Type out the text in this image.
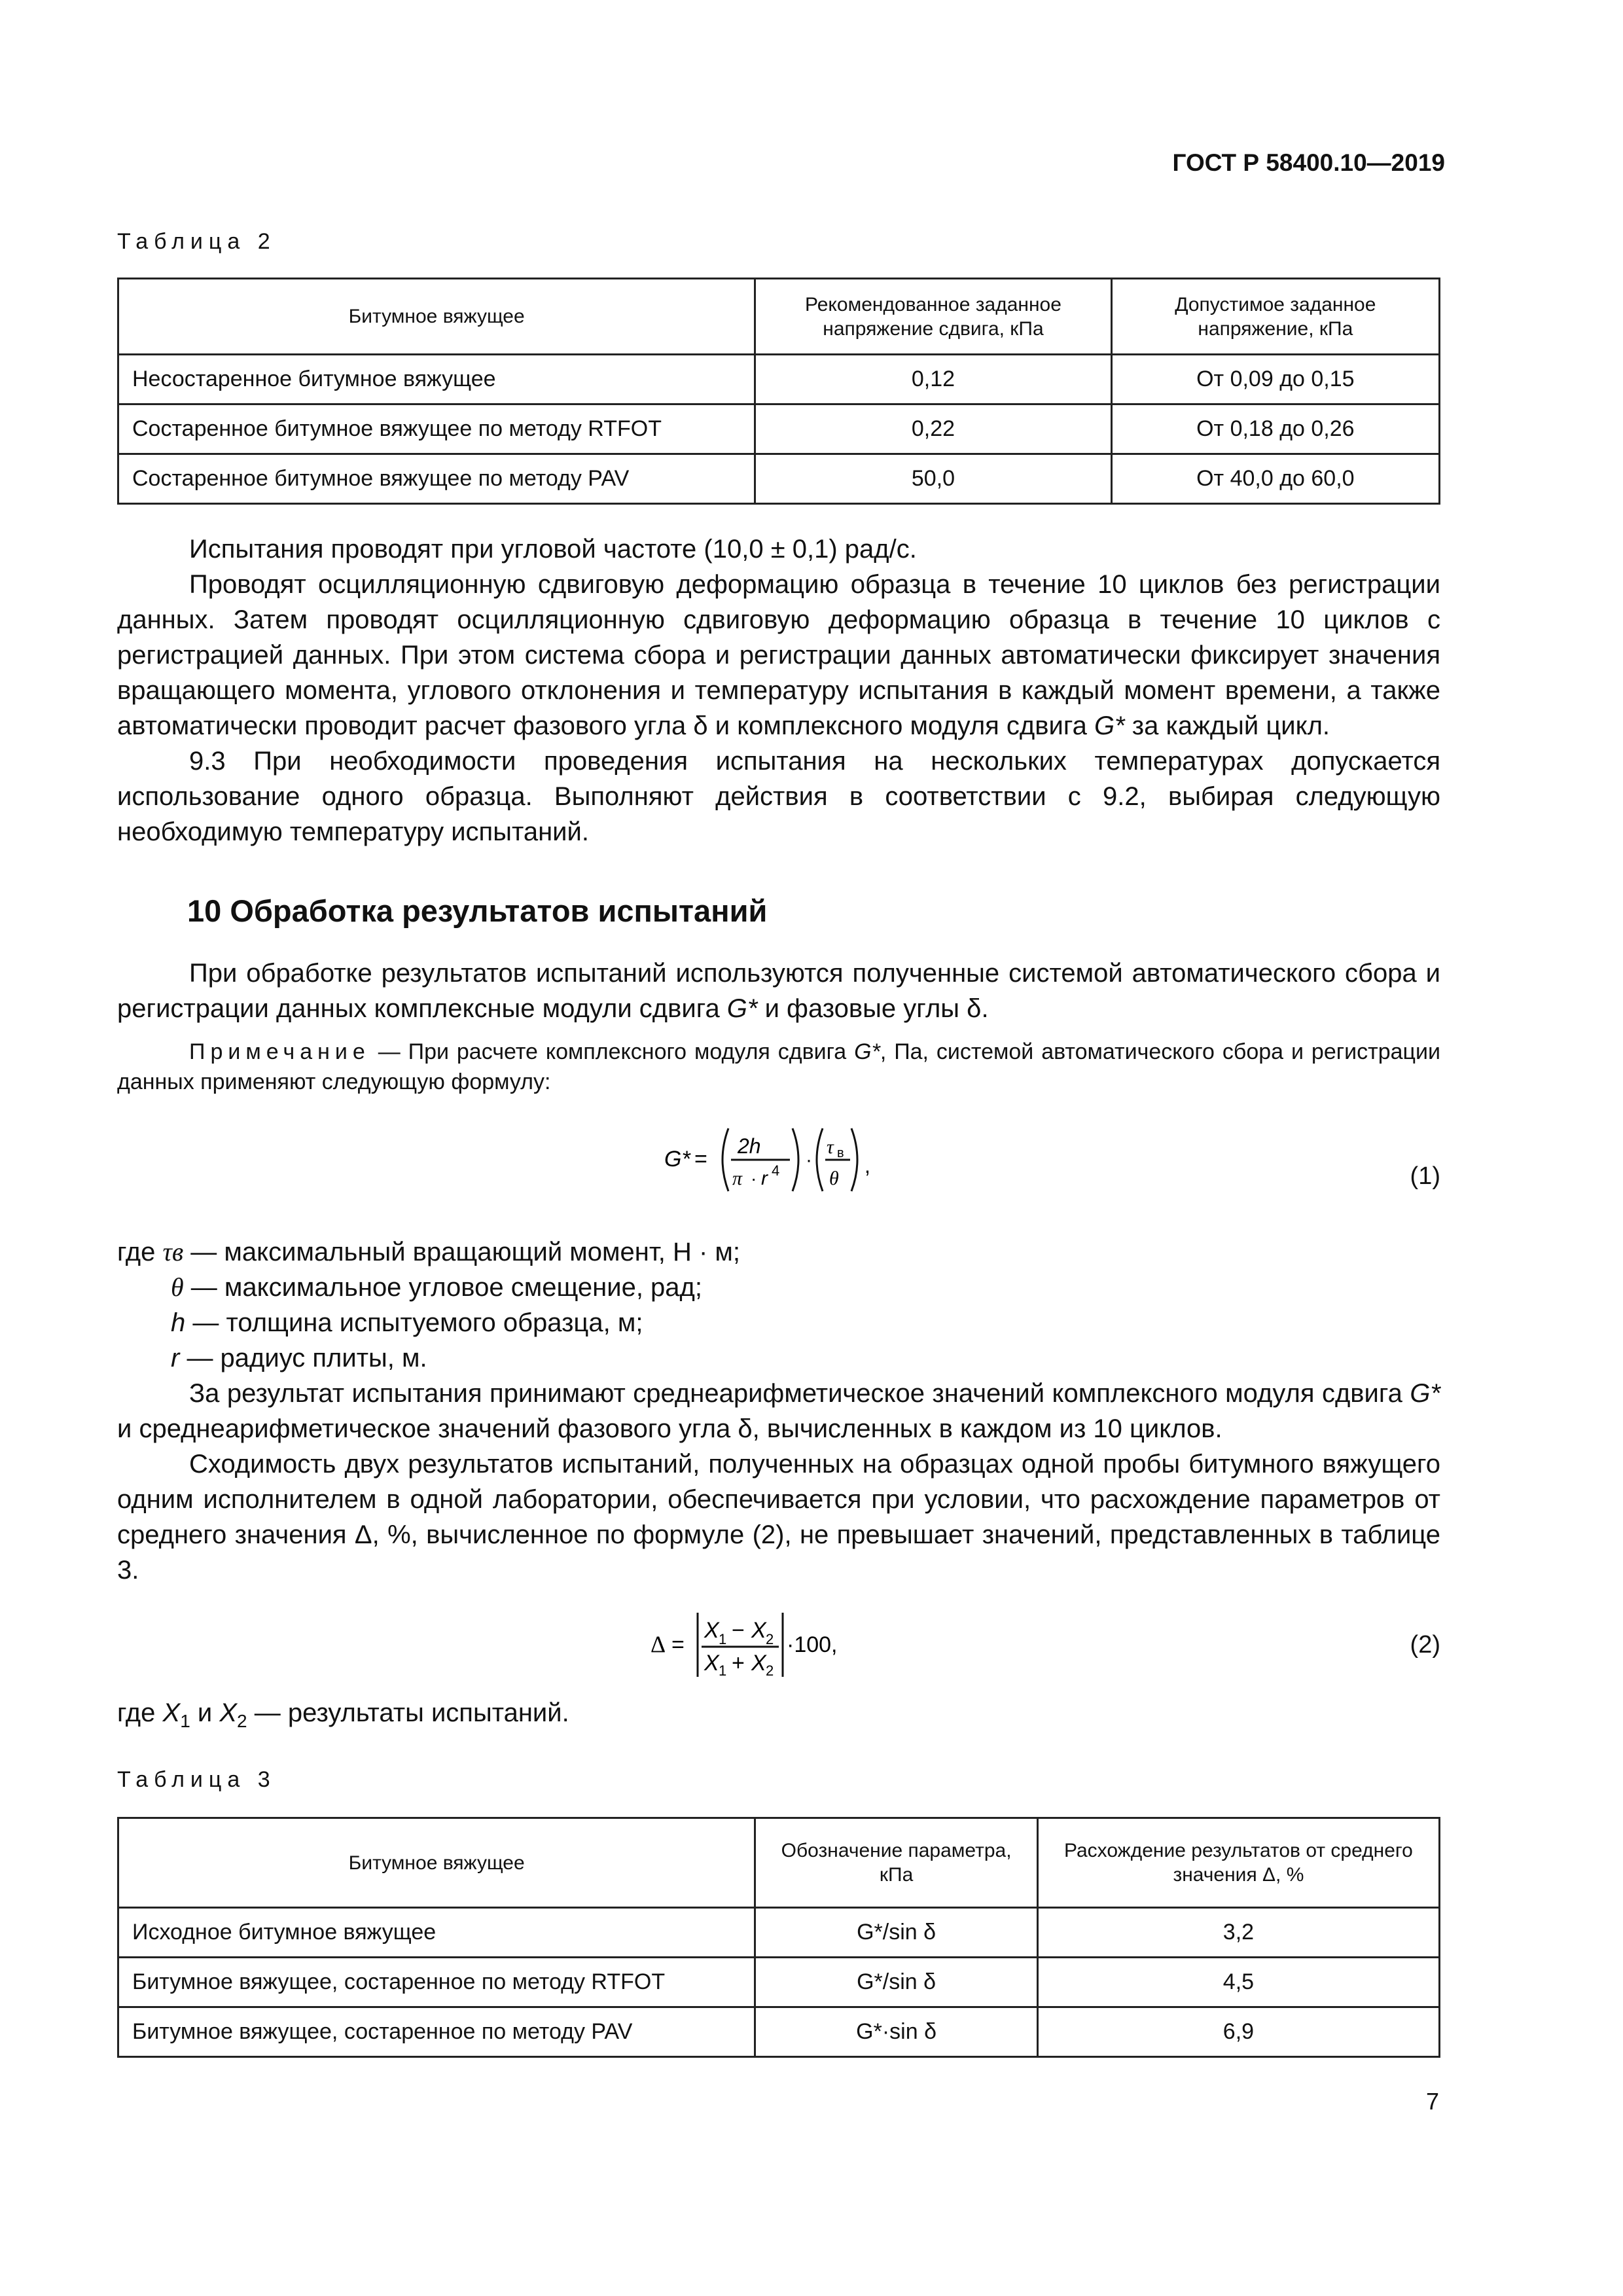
ГОСТ Р 58400.10—2019
Таблица 2
Битумное вяжущее	Рекомендованное заданное напряжение сдвига, кПа	Допустимое заданное напряжение, кПа
Несостаренное битумное вяжущее	0,12	От 0,09 до 0,15
Состаренное битумное вяжущее по методу RTFOT	0,22	От 0,18 до 0,26
Состаренное битумное вяжущее по методу PAV	50,0	От 40,0 до 60,0

Испытания проводят при угловой частоте (10,0 ± 0,1) рад/с.

Проводят осцилляционную сдвиговую деформацию образца в течение 10 циклов без регистрации данных. Затем проводят осцилляционную сдвиговую деформацию образца в течение 10 циклов с регистрацией данных. При этом система сбора и регистрации данных автоматически фиксирует значения вращающего момента, углового отклонения и температуру испытания в каждый момент времени, а также автоматически проводит расчет фазового угла δ и комплексного модуля сдвига G* за каждый цикл.

9.3 При необходимости проведения испытания на нескольких температурах допускается использование одного образца. Выполняют действия в соответствии с 9.2, выбирая следующую необходимую температуру испытаний.

10 Обработка результатов испытаний

При обработке результатов испытаний используются полученные системой автоматического сбора и регистрации данных комплексные модули сдвига G* и фазовые углы δ.

Примечание — При расчете комплексного модуля сдвига G*, Па, системой автоматического сбора и регистрации данных применяют следующую формулу:

G* =
2h
π · r 4 ·
τ в
θ
,	(1)
где τв — максимальный вращающий момент, Н · м;
θ — максимальное угловое смещение, рад;
h — толщина испытуемого образца, м;
r — радиус плиты, м.

За результат испытания принимают среднеарифметическое значений комплексного модуля сдвига G* и среднеарифметическое значений фазового угла δ, вычисленных в каждом из 10 циклов.

Сходимость двух результатов испытаний, полученных на образцах одной пробы битумного вяжущего одним исполнителем в одной лаборатории, обеспечивается при условии, что расхождение параметров от среднего значения Δ, %, вычисленное по формуле (2), не превышает значений, представленных в таблице 3.

Δ =
X 1 − X 2
X 1 + X 2
·100,	(2)
где $X_1$ и $X_2$ — результаты испытаний.
Таблица 3
Битумное вяжущее	Обозначение параметра, кПа	Расхождение результатов от среднего значения Δ, %
Исходное битумное вяжущее	G*/sin δ	3,2
Битумное вяжущее, состаренное по методу RTFOT	G*/sin δ	4,5
Битумное вяжущее, состаренное по методу PAV	G*·sin δ	6,9
7
